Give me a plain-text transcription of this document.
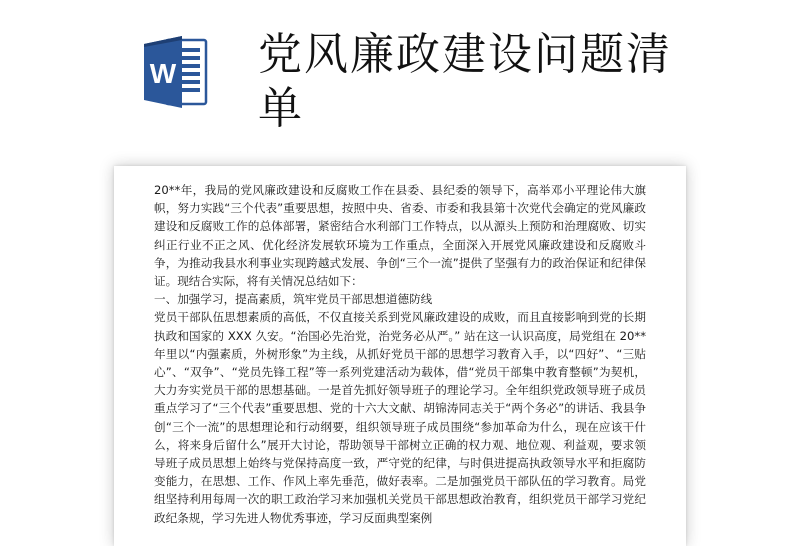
W 党风廉政建设问题清单

20**年，我局的党风廉政建设和反腐败工作在县委、县纪委的领导下，高举邓小平理论伟大旗帜，努力实践“三个代表”重要思想，按照中央、省委、市委和我县第十次党代会确定的党风廉政建设和反腐败工作的总体部署，紧密结合水利部门工作特点，以从源头上预防和治理腐败、切实纠正行业不正之风、优化经济发展软环境为工作重点，全面深入开展党风廉政建设和反腐败斗争，为推动我县水利事业实现跨越式发展、争创“三个一流”提供了坚强有力的政治保证和纪律保证。现结合实际，将有关情况总结如下：

一、加强学习，提高素质，筑牢党员干部思想道德防线

党员干部队伍思想素质的高低，不仅直接关系到党风廉政建设的成败，而且直接影响到党的长期执政和国家的 XXX 久安。“治国必先治党，治党务必从严。” 站在这一认识高度，局党组在 20**年里以“内强素质，外树形象”为主线，从抓好党员干部的思想学习教育入手，以“四好”、“三贴心”、“双争”、“党员先锋工程”等一系列党建活动为载体，借“党员干部集中教育整顿”为契机，大力夯实党员干部的思想基础。一是首先抓好领导班子的理论学习。全年组织党政领导班子成员重点学习了“三个代表”重要思想、党的十六大文献、胡锦涛同志关于“两个务必”的讲话、我县争创“三个一流”的思想理论和行动纲要，组织领导班子成员围绕“参加革命为什么，现在应该干什么，将来身后留什么”展开大讨论，帮助领导干部树立正确的权力观、地位观、利益观，要求领导班子成员思想上始终与党保持高度一致，严守党的纪律，与时俱进提高执政领导水平和拒腐防变能力，在思想、工作、作风上率先垂范，做好表率。二是加强党员干部队伍的学习教育。局党组坚持利用每周一次的职工政治学习来加强机关党员干部思想政治教育，组织党员干部学习党纪政纪条规，学习先进人物优秀事迹，学习反面典型案例
